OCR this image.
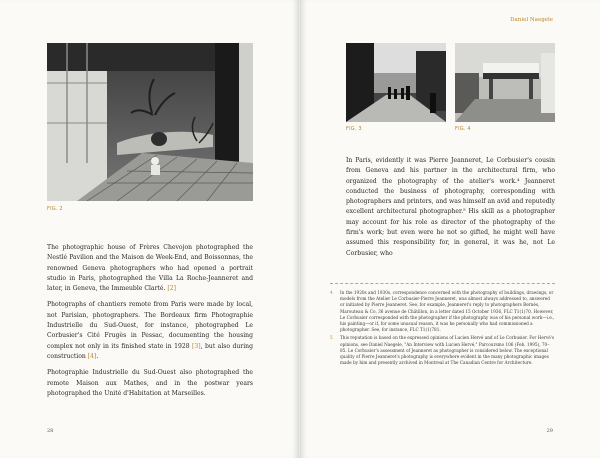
FIG. 2

The photographic house of Frères Chevojon photographed the Nestlé Pavilion and the Maison de Week-End, and Boissonnas, the renowned Geneva photographers who had opened a portrait studio in Paris, photographed the Villa La Roche-Jeanneret and later, in Geneva, the Immeuble Clarté. [2]

Photographs of chantiers remote from Paris were made by local, not Parisian, photographers. The Bordeaux firm Photographie Industrielle du Sud-Ouest, for instance, photographed Le Corbusier's Cité Frugès in Pessac, documenting the housing complex not only in its finished state in 1928 [3], but also during construction [4].

Photographie Industrielle du Sud-Ouest also photographed the remote Maison aux Mathes, and in the postwar years photographed the Unité d'Habitation at Marseilles.

28
Daniel Naegele
FIG. 3	FIG. 4

In Paris, evidently it was Pierre Jeanneret, Le Corbusier's cousin from Geneva and his partner in the architectural firm, who organized the photography of the atelier's work.⁴ Jeanneret conducted the business of photography, corresponding with photographers and printers, and was himself an avid and reputedly excellent architectural photographer.⁵ His skill as a photographer may account for his role as director of the photography of the firm's work; but even were he not so gifted, he might well have assumed this responsibility for, in general, it was he, not Le Corbusier, who

4 In the 1920s and 1930s, correspondence concerned with the photography of buildings, drawings, or models from the Atelier Le Corbusier-Pierre Jeanneret, was almost always addressed to, answered or initiated by Pierre Jeanneret. See, for example, Jeanneret's reply to photographers Bernès, Marouteau & Co, 36 avenue de Châtillon, in a letter dated 15 October 1936, FLC T1(1)70. However, Le Corbusier corresponded with the photographer if the photography was of his personal work—i.e., his painting—or if, for some unusual reason, it was he personally who had commissioned a photographer. See, for instance, FLC T1(1)781.
5 This reputation is based on the expressed opinions of Lucien Hervé and of Le Corbusier. For Hervé's opinions, see Daniel Naegele, "An Interview with Lucien Hervé," Parcoursmo 106 (Feb. 1995), 70–85. Le Corbusier's assessment of Jeanneret as photographer is considered below. The exceptional quality of Pierre Jeanneret's photography is everywhere evident in the many photographic images made by him and presently archived in Montreal at The Canadian Centre for Architecture.
29
